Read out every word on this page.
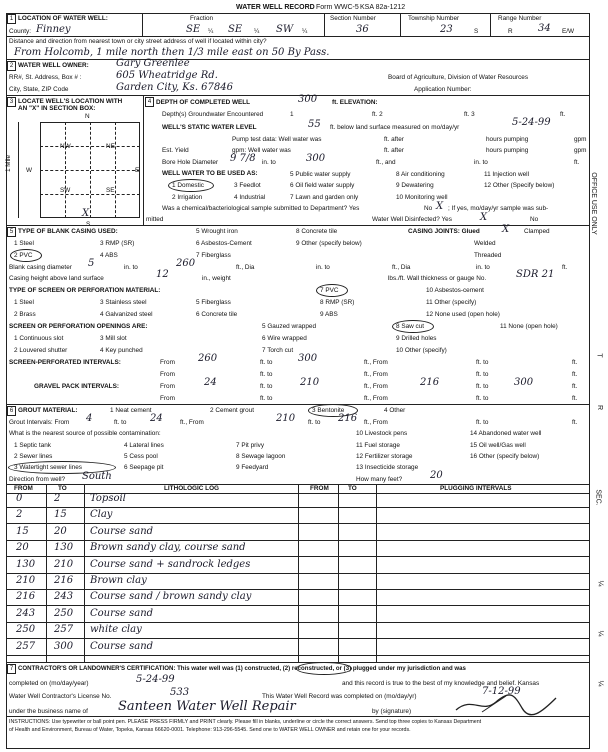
WATER WELL RECORD Form WWC-5 KSA 82a-1212
1 LOCATION OF WATER WELL:	Fraction	Section Number	Township Number	Range Number
County: Finney	SE ¼ SE ¼ SW ¼	36	23	S	R	34 E/W
Distance and direction from nearest town or city street address of well if located within city?
From Holcomb, 1 mile north then 1/3 mile east on 50 By Pass.
2 WATER WELL OWNER:	Gary Greenlee
RR#, St. Address, Box # :	605 Wheatridge Rd.	Board of Agriculture, Division of Water Resources
City, State, ZIP Code	Garden City, Ks. 67846	Application Number:
3 LOCATE WELL'S LOCATION WITH
AN "X" IN SECTION BOX:
N
NW	NE
SW	SE
W	E
S
X
1 Mile
4 DEPTH OF COMPLETED WELL	300 ft. ELEVATION:
Depth(s) Groundwater Encountered	1	ft. 2	ft. 3	ft.
WELL'S STATIC WATER LEVEL	55 ft. below land surface measured on mo/day/yr	5-24-99
Pump test data: Well water was	ft. after	hours pumping	gpm
Est. Yield	gpm: Well water was	ft. after	hours pumping	gpm
Bore Hole Diameter 9 7/8 in. to	300	ft., and	in. to	ft.
WELL WATER TO BE USED AS:
1 Domestic	3 Feedlot
5 Public water supply	8 Air conditioning	11 Injection well
2 Irrigation	4 Industrial
6 Oil field water supply	9 Dewatering	12 Other (Specify below)
7 Lawn and garden only	10 Monitoring well
Was a chemical/bacteriological sample submitted to Department? Yes	No X ; If yes, mo/day/yr sample was sub-
mitted	Water Well Disinfected? Yes	X	No
5 TYPE OF BLANK CASING USED:
1 Steel
2 PVC
3 RMP (SR)
4 ABS
5 Wrought iron
6 Asbestos-Cement
7 Fiberglass
8 Concrete tile
9 Other (specify below)
CASING JOINTS: Glued X Clamped
Welded
Threaded
Blank casing diameter 5	in. to	260	ft., Dia	in. to	ft., Dia	in. to	ft.
Casing height above land surface	12	in., weight	lbs./ft. Wall thickness or gauge No.	SDR 21
TYPE OF SCREEN OR PERFORATION MATERIAL:
1 Steel
2 Brass
3 Stainless steel
4 Galvanized steel
5 Fiberglass
6 Concrete tile
7 PVC
8 RMP (SR)
9 ABS
10 Asbestos-cement
11 Other (specify)
12 None used (open hole)
SCREEN OR PERFORATION OPENINGS ARE:
1 Continuous slot
2 Louvered shutter
3 Mill slot
4 Key punched
5 Gauzed wrapped
6 Wire wrapped
7 Torch cut
8 Saw cut
9 Drilled holes
10 Other (specify)
11 None (open hole)
SCREEN-PERFORATED INTERVALS:	From 260	ft. to	300	ft., From	ft. to	ft.
From	ft. to	ft., From	ft. to	ft.
GRAVEL PACK INTERVALS:	From	24	ft. to	210	ft., From	216	ft. to	300	ft.
From	ft. to	ft., From	ft. to	ft.
6 GROUT MATERIAL:	1 Neat cement	2 Cement grout	3 Bentonite	4 Other
Grout Intervals: From 4	ft. to 24	ft., From	210 ft. to 216 ft., From	ft. to	ft.
What is the nearest source of possible contamination:
1 Septic tank	4 Lateral lines	7 Pit privy
10 Livestock pens	14 Abandoned water well
2 Sewer lines	5 Cess pool	8 Sewage lagoon
11 Fuel storage	15 Oil well/Gas well
3 Watertight sewer lines	6 Seepage pit	9 Feedyard
12 Fertilizer storage	16 Other (specify below)
13 Insecticide storage
Direction from well? South	How many feet?	20
FROM	TO	LITHOLOGIC LOG	FROM	TO	PLUGGING INTERVALS
0	2	Topsoil
2	15 Clay
15	20 Course sand
20	130 Brown sandy clay, course sand
130 210 Course sand + sandrock ledges
210 216 Brown clay
216 243 Course sand / brown sandy clay
243 250 Course sand
250 257 white clay
257 300 Course sand
7 CONTRACTOR'S OR LANDOWNER'S CERTIFICATION: This water well was (1) constructed, (2) reconstructed, or (3) plugged under my jurisdiction and was
completed on (mo/day/year)	5-24-99	and this record is true to the best of my knowledge and belief. Kansas
Water Well Contractor's License No.	533	This Water Well Record was completed on (mo/day/yr)	7-12-99
under the business name of Santeen Water Well Repair	by (signature)
INSTRUCTIONS: Use typewriter or ball point pen. PLEASE PRESS FIRMLY and PRINT clearly. Please fill in blanks, underline or circle the correct answers. Send top three copies to Kansas Department
of Health and Environment, Bureau of Water, Topeka, Kansas 66620-0001. Telephone: 913-296-5545. Send one to WATER WELL OWNER and retain one for your records.
OFFICE USE ONLY
T
R
SEC.
¼
¼
¼
